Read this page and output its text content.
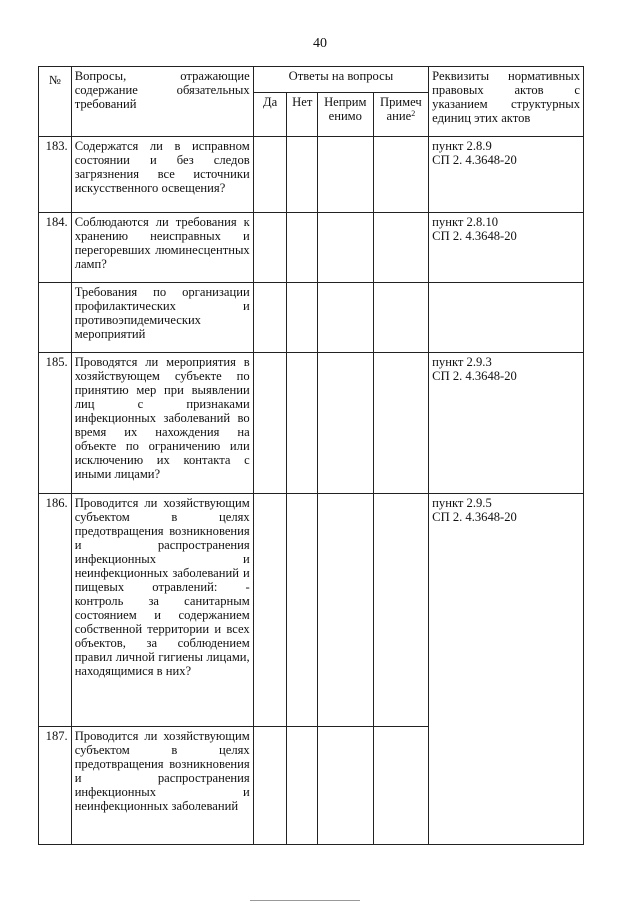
40
№	Вопросы, отражающие содержание обязательных требований	Ответы на вопросы				Реквизиты нормативных правовых актов с указанием структурных единиц этих актов
		Да	Нет	Неприм енимо	Примеч ание$^2$
183.	Содержатся ли в исправном состоянии и без следов загрязнения все источники искусственного освещения?					пункт 2.8.9
СП 2. 4.3648-20

184.	Соблюдаются ли требования к хранению неисправных и перегоревших люминесцентных ламп?					пункт 2.8.10
СП 2. 4.3648-20

	Требования по организации профилактических и противоэпидемических мероприятий					

185.	Проводятся ли мероприятия в хозяйствующем субъекте по принятию мер при выявлении лиц с признаками инфекционных заболеваний во время их нахождения на объекте по ограничению или исключению их контакта с иными лицами?					пункт 2.9.3
СП 2. 4.3648-20

186.	Проводится ли хозяйствующим субъектом в целях предотвращения возникновения и распространения инфекционных и неинфекционных заболеваний и пищевых отравлений: - контроль за санитарным состоянием и содержанием собственной территории и всех объектов, за соблюдением правил личной гигиены лицами, находящимися в них?					пункт 2.9.5
СП 2. 4.3648-20

187.	Проводится ли хозяйствующим субъектом в целях предотвращения возникновения и распространения инфекционных и неинфекционных заболеваний					
